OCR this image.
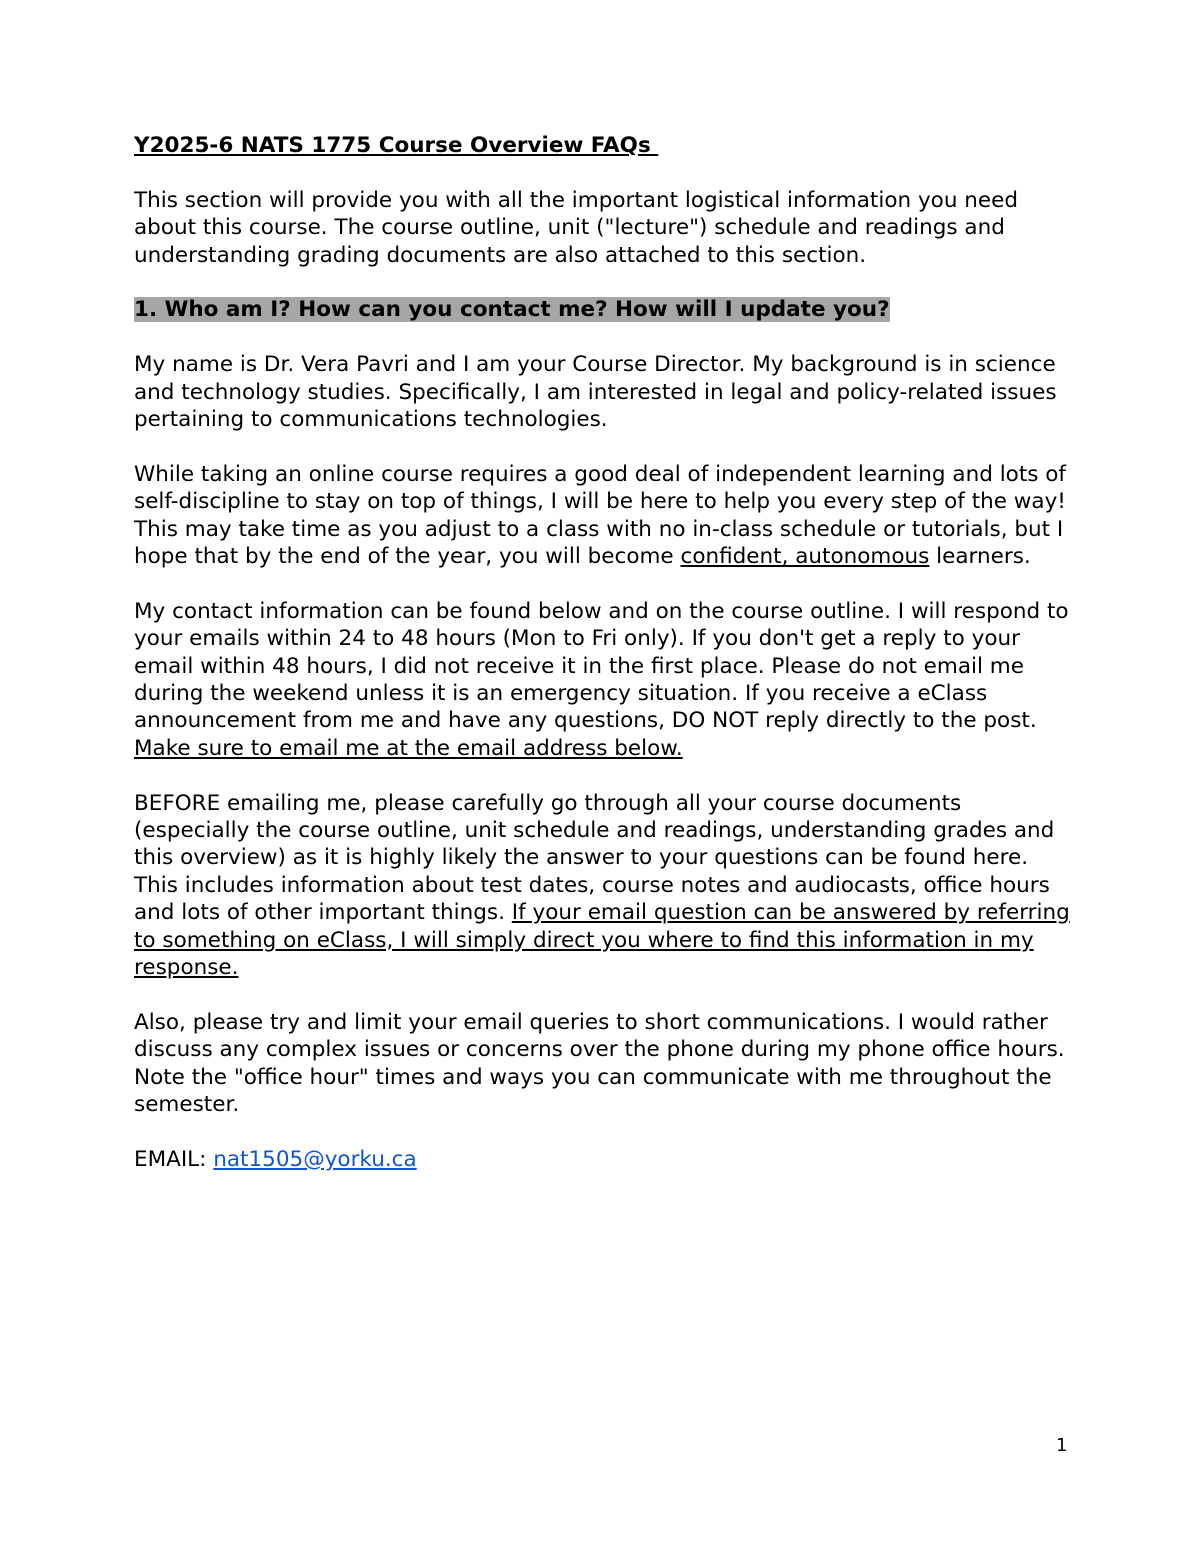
Y2025-6 NATS 1775 Course Overview FAQs

This section will provide you with all the important logistical information you need about this course. The course outline, unit ("lecture") schedule and readings and understanding grading documents are also attached to this section.

1. Who am I? How can you contact me? How will I update you?

My name is Dr. Vera Pavri and I am your Course Director. My background is in science and technology studies. Specifically, I am interested in legal and policy-related issues pertaining to communications technologies.

While taking an online course requires a good deal of independent learning and lots of self-discipline to stay on top of things, I will be here to help you every step of the way! This may take time as you adjust to a class with no in-class schedule or tutorials, but I hope that by the end of the year, you will become confident, autonomous learners.

My contact information can be found below and on the course outline. I will respond to your emails within 24 to 48 hours (Mon to Fri only). If you don't get a reply to your email within 48 hours, I did not receive it in the first place. Please do not email me during the weekend unless it is an emergency situation. If you receive a eClass announcement from me and have any questions, DO NOT reply directly to the post. Make sure to email me at the email address below.

BEFORE emailing me, please carefully go through all your course documents (especially the course outline, unit schedule and readings, understanding grades and this overview) as it is highly likely the answer to your questions can be found here. This includes information about test dates, course notes and audiocasts, office hours and lots of other important things. If your email question can be answered by referring to something on eClass, I will simply direct you where to find this information in my response.

Also, please try and limit your email queries to short communications. I would rather discuss any complex issues or concerns over the phone during my phone office hours. Note the "office hour" times and ways you can communicate with me throughout the semester.

EMAIL: nat1505@yorku.ca

1
